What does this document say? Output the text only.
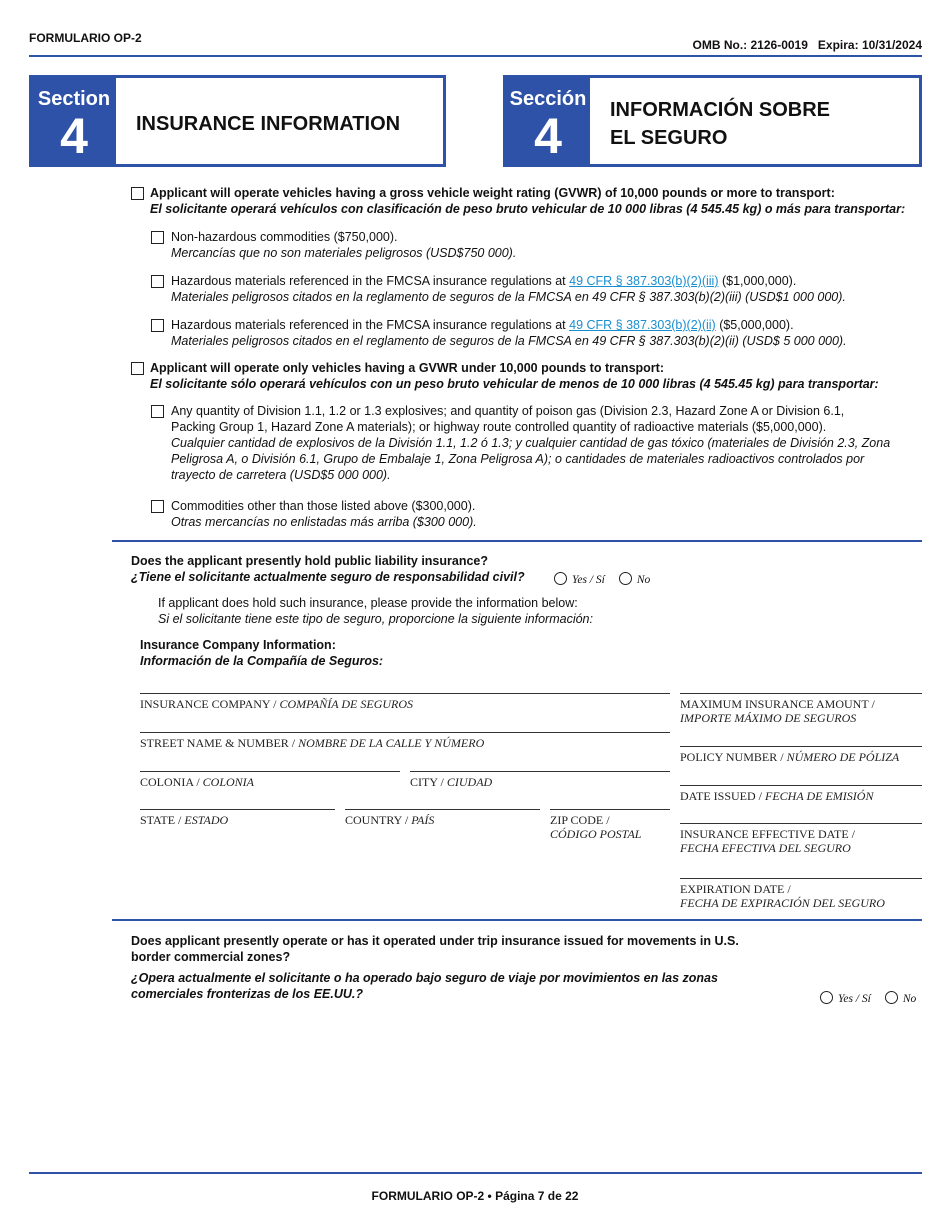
FORMULARIO OP-2	OMB No.: 2126-0019 Expira: 10/31/2024
Section
4	INSURANCE INFORMATION
Sección
4	INFORMACIÓN SOBRE
EL SEGURO
Applicant will operate vehicles having a gross vehicle weight rating (GVWR) of 10,000 pounds or more to transport:
El solicitante operará vehículos con clasificación de peso bruto vehicular de 10 000 libras (4 545.45 kg) o más para transportar:
Non-hazardous commodities ($750,000).
Mercancías que no son materiales peligrosos (USD$750 000).
Hazardous materials referenced in the FMCSA insurance regulations at 49 CFR § 387.303(b)(2)(iii) ($1,000,000).
Materiales peligrosos citados en la reglamento de seguros de la FMCSA en 49 CFR § 387.303(b)(2)(iii) (USD$1 000 000).
Hazardous materials referenced in the FMCSA insurance regulations at 49 CFR § 387.303(b)(2)(ii) ($5,000,000).
Materiales peligrosos citados en el reglamento de seguros de la FMCSA en 49 CFR § 387.303(b)(2)(ii) (USD$ 5 000 000).
Applicant will operate only vehicles having a GVWR under 10,000 pounds to transport:
El solicitante sólo operará vehículos con un peso bruto vehicular de menos de 10 000 libras (4 545.45 kg) para transportar:
Any quantity of Division 1.1, 1.2 or 1.3 explosives; and quantity of poison gas (Division 2.3, Hazard Zone A or Division 6.1,
Packing Group 1, Hazard Zone A materials); or highway route controlled quantity of radioactive materials ($5,000,000).
Cualquier cantidad de explosivos de la División 1.1, 1.2 ó 1.3; y cualquier cantidad de gas tóxico (materiales de División 2.3, Zona
Peligrosa A, o División 6.1, Grupo de Embalaje 1, Zona Peligrosa A); o cantidades de materiales radioactivos controlados por
trayecto de carretera (USD$5 000 000).
Commodities other than those listed above ($300,000).
Otras mercancías no enlistadas más arriba ($300 000).
Does the applicant presently hold public liability insurance?
¿Tiene el solicitante actualmente seguro de responsabilidad civil?	Yes / Sí	No
If applicant does hold such insurance, please provide the information below:
Si el solicitante tiene este tipo de seguro, proporcione la siguiente información:
Insurance Company Information:
Información de la Compañía de Seguros:
INSURANCE COMPANY / COMPAÑÍA DE SEGUROS
STREET NAME & NUMBER / NOMBRE DE LA CALLE Y NÚMERO
COLONIA / COLONIA	CITY / CIUDAD
STATE / ESTADO	COUNTRY / PAÍS	ZIP CODE /
CÓDIGO POSTAL
MAXIMUM INSURANCE AMOUNT /
IMPORTE MÁXIMO DE SEGUROS
POLICY NUMBER / NÚMERO DE PÓLIZA
DATE ISSUED / FECHA DE EMISIÓN
INSURANCE EFFECTIVE DATE /
FECHA EFECTIVA DEL SEGURO
EXPIRATION DATE /
FECHA DE EXPIRACIÓN DEL SEGURO
Does applicant presently operate or has it operated under trip insurance issued for movements in U.S.
border commercial zones?
¿Opera actualmente el solicitante o ha operado bajo seguro de viaje por movimientos en las zonas
comerciales fronterizas de los EE.UU.?	Yes / Sí	No
FORMULARIO OP-2 • Página 7 de 22
